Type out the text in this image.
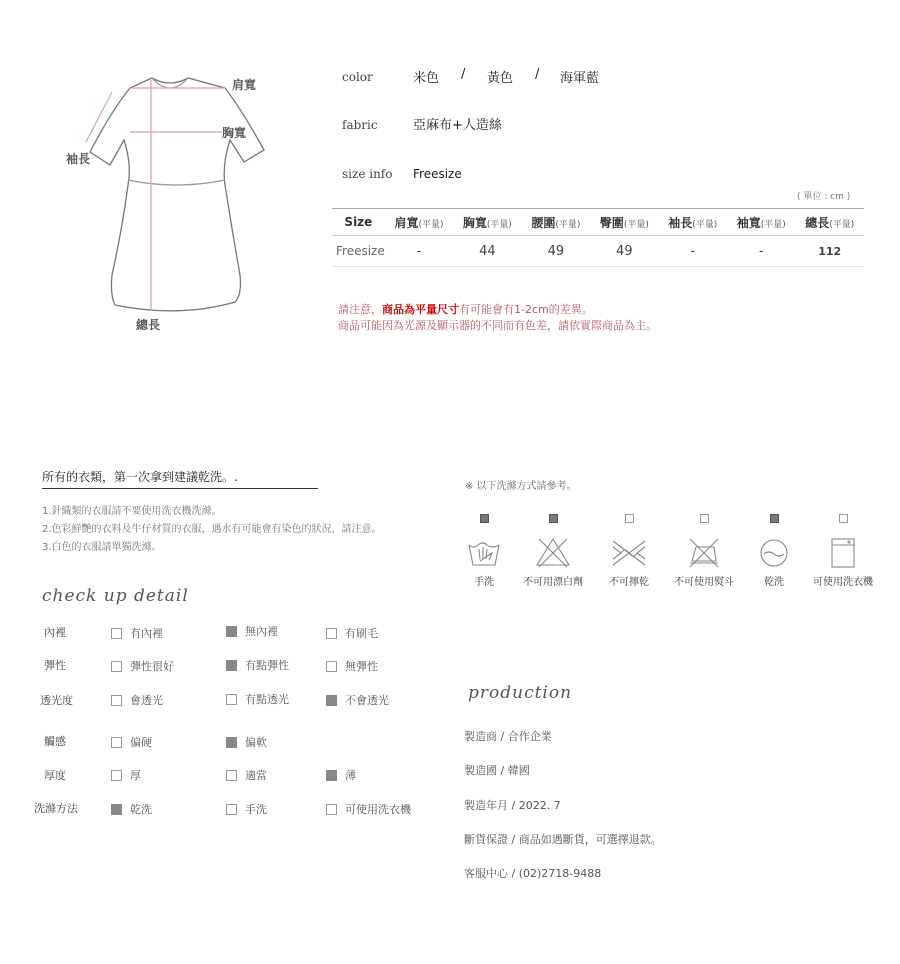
肩寬
胸寬
袖長
總長
color	米色	/	黃色	/	海軍藍
fabric	亞麻布+人造絲
size info Freesize
( 單位 : cm )
Size	肩寬(平量)	胸寬(平量)	腰圍(平量)	臀圍(平量)	袖長(平量)	袖寬(平量)	總長(平量)
Freesize	-	44	49	49	-	-	112
請注意，商品為平量尺寸有可能會有1-2cm的差異。
商品可能因為光源及顯示器的不同而有色差，請依實際商品為主。
所有的衣類，第一次拿到建議乾洗。.
1.針織類的衣服請不要使用洗衣機洗滌。
2.色彩鮮艷的衣料及牛仔材質的衣服，遇水有可能會有染色的狀況，請注意。
3.白色的衣服請單獨洗滌。
check up detail
內裡	有內裡	無內裡	有刷毛
彈性	彈性很好	有點彈性	無彈性
透光度	會透光	有點透光	不會透光
觸感	偏硬	偏軟
厚度	厚	適當	薄
洗滌方法	乾洗	手洗	可使用洗衣機
※ 以下洗滌方式請參考。
手洗	不可用漂白劑	不可擰乾	不可使用熨斗	乾洗	可使用洗衣機
production
製造商 / 合作企業
製造國 / 韓國
製造年月 / 2022. 7
斷貨保證 / 商品如遇斷貨，可選擇退款。
客服中心 / (02)2718-9488
